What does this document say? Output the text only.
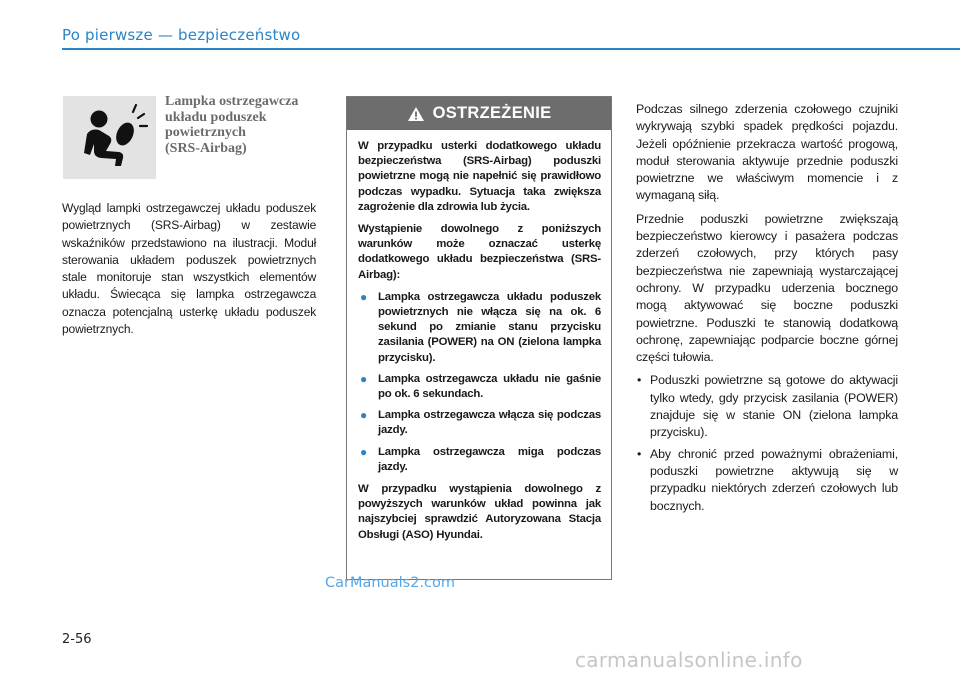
Po pierwsze — bezpieczeństwo
Lampka ostrzegawcza
układu poduszek
powietrznych
(SRS-Airbag)
Wygląd lampki ostrzegawczej układu poduszek powietrznych (SRS-Airbag) w zestawie wskaźników przedstawiono na ilustracji. Moduł sterowania układem poduszek powietrznych stale monitoruje stan wszystkich elementów układu. Świecąca się lampka ostrzegawcza oznacza potencjalną usterkę układu poduszek powietrznych.
OSTRZEŻENIE

W przypadku usterki dodatkowego układu bezpieczeństwa (SRS-Airbag) poduszki powietrzne mogą nie napełnić się prawidłowo podczas wypadku. Sytuacja taka zwiększa zagrożenie dla zdrowia lub życia.

Wystąpienie dowolnego z poniższych warunków może oznaczać usterkę dodatkowego układu bezpieczeństwa (SRS-Airbag):

● Lampka ostrzegawcza układu poduszek powietrznych nie włącza się na ok. 6 sekund po zmianie stanu przycisku zasilania (POWER) na ON (zielona lampka przycisku).
● Lampka ostrzegawcza układu nie gaśnie po ok. 6 sekundach.
● Lampka ostrzegawcza włącza się podczas jazdy.
● Lampka ostrzegawcza miga podczas jazdy.

W przypadku wystąpienia dowolnego z powyższych warunków układ powinna jak najszybciej sprawdzić Autoryzowana Stacja Obsługi (ASO) Hyundai.

Podczas silnego zderzenia czołowego czujniki wykrywają szybki spadek prędkości pojazdu. Jeżeli opóźnienie przekracza wartość progową, moduł sterowania aktywuje przednie poduszki powietrzne we właściwym momencie i z wymaganą siłą.

Przednie poduszki powietrzne zwiększają bezpieczeństwo kierowcy i pasażera podczas zderzeń czołowych, przy których pasy bezpieczeństwa nie zapewniają wystarczającej ochrony. W przypadku uderzenia bocznego mogą aktywować się boczne poduszki powietrzne. Poduszki te stanowią dodatkową ochronę, zapewniając podparcie boczne górnej części tułowia.

• Poduszki powietrzne są gotowe do aktywacji tylko wtedy, gdy przycisk zasilania (POWER) znajduje się w stanie ON (zielona lampka przycisku).
• Aby chronić przed poważnymi obrażeniami, poduszki powietrzne aktywują się w przypadku niektórych zderzeń czołowych lub bocznych.
CarManuals2.com
2-56
carmanualsonline.info
